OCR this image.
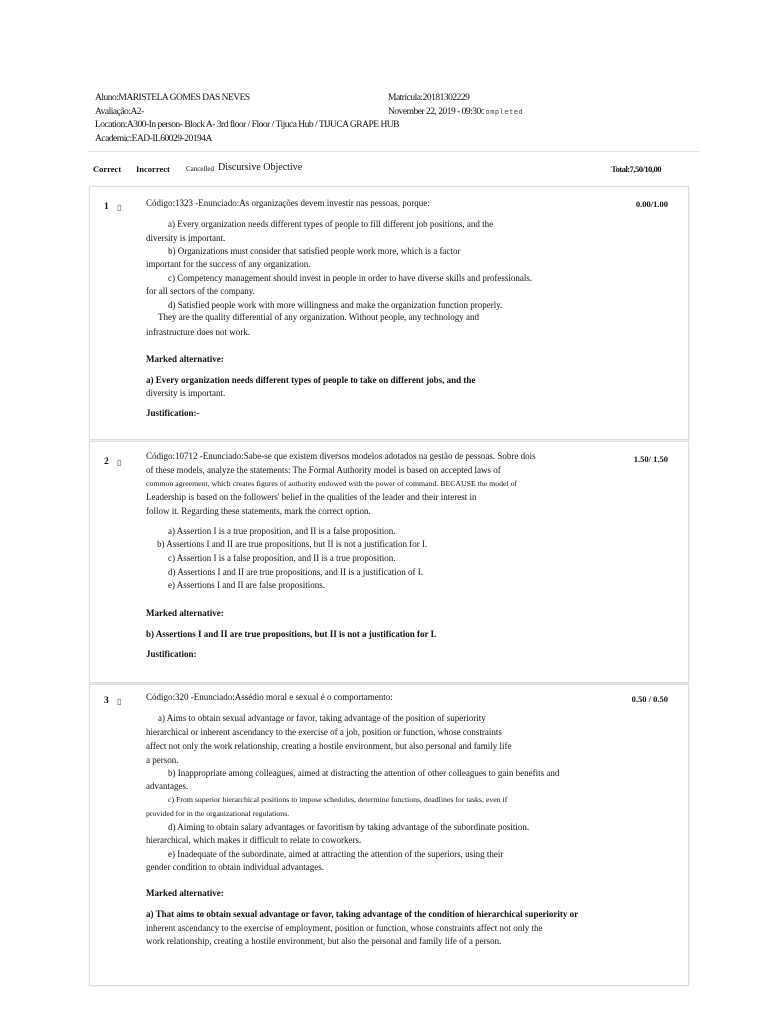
Aluno:MARISTELA GOMES DAS NEVES
Avaliação:A2-
Location:A300-In person- Block A- 3rd floor / Floor / Tijuca Hub / TIJUCA GRAPE HUB
Academic:EAD-IL60029-20194A
Matrícula:20181302229
November 22, 2019 - 09:30Completed
Correct Incorrect Cancelled Discursive Objective	Total:7,50/10,00
1 ▯	0.00/1.00
Código:1323 -Enunciado:As organizações devem investir nas pessoas, porque:
a) Every organization needs different types of people to fill different job positions, and the
diversity is important.
b) Organizations must consider that satisfied people work more, which is a factor
important for the success of any organization.
c) Competency management should invest in people in order to have diverse skills and professionals.
for all sectors of the company.
d) Satisfied people work with more willingness and make the organization function properly.
They are the quality differential of any organization. Without people, any technology and
infrastructure does not work.
Marked alternative:
a) Every organization needs different types of people to take on different jobs, and the
diversity is important.
Justification:-
2 ▯	1.50/ 1.50
Código:10712 -Enunciado:Sabe-se que existem diversos modelos adotados na gestão de pessoas. Sobre dois
of these models, analyze the statements: The Formal Authority model is based on accepted laws of
common agreement, which creates figures of authority endowed with the power of command. BECAUSE the model of
Leadership is based on the followers' belief in the qualities of the leader and their interest in
follow it. Regarding these statements, mark the correct option.
a) Assertion I is a true proposition, and II is a false proposition.
b) Assertions I and II are true propositions, but II is not a justification for I.
c) Assertion I is a false proposition, and II is a true proposition.
d) Assertions I and II are true propositions, and II is a justification of I.
e) Assertions I and II are false propositions.
Marked alternative:
b) Assertions I and II are true propositions, but II is not a justification for I.
Justification:
3 ▯	0.50 / 0.50
Código:320 -Enunciado:Assédio moral e sexual é o comportamento:
a) Aims to obtain sexual advantage or favor, taking advantage of the position of superiority
hierarchical or inherent ascendancy to the exercise of a job, position or function, whose constraints
affect not only the work relationship, creating a hostile environment, but also personal and family life
a person.
b) Inappropriate among colleagues, aimed at distracting the attention of other colleagues to gain benefits and
advantages.
c) From superior hierarchical positions to impose schedules, determine functions, deadlines for tasks, even if
provided for in the organizational regulations.
d) Aiming to obtain salary advantages or favoritism by taking advantage of the subordinate position.
hierarchical, which makes it difficult to relate to coworkers.
e) Inadequate of the subordinate, aimed at attracting the attention of the superiors, using their
gender condition to obtain individual advantages.
Marked alternative:
a) That aims to obtain sexual advantage or favor, taking advantage of the condition of hierarchical superiority or
inherent ascendancy to the exercise of employment, position or function, whose constraints affect not only the
work relationship, creating a hostile environment, but also the personal and family life of a person.
